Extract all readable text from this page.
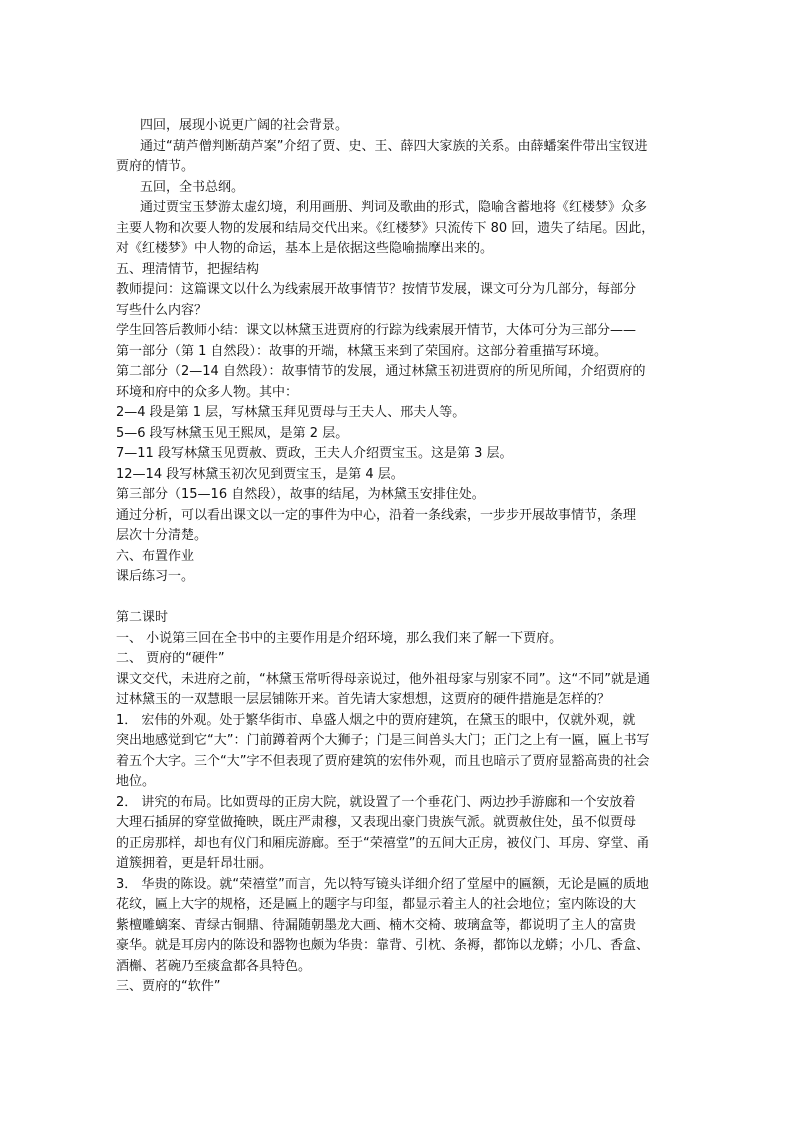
四回，展现小说更广阔的社会背景。
通过“葫芦僧判断葫芦案”介绍了贾、史、王、薛四大家族的关系。由薛蟠案件带出宝钗进
贾府的情节。
五回，全书总纲。
通过贾宝玉梦游太虚幻境，利用画册、判词及歌曲的形式，隐喻含蓄地将《红楼梦》众多
主要人物和次要人物的发展和结局交代出来。《红楼梦》只流传下 80 回，遗失了结尾。因此，
对《红楼梦》中人物的命运，基本上是依据这些隐喻揣摩出来的。
五、理清情节，把握结构
教师提问：这篇课文以什么为线索展开故事情节？按情节发展，课文可分为几部分，每部分
写些什么内容？
学生回答后教师小结：课文以林黛玉进贾府的行踪为线索展开情节，大体可分为三部分——
第一部分（第 1 自然段）：故事的开端，林黛玉来到了荣国府。这部分着重描写环境。
第二部分（2—14 自然段）：故事情节的发展，通过林黛玉初进贾府的所见所闻，介绍贾府的
环境和府中的众多人物。其中：
2—4 段是第 1 层，写林黛玉拜见贾母与王夫人、邢夫人等。
5—6 段写林黛玉见王熙凤，是第 2 层。
7—11 段写林黛玉见贾赦、贾政，王夫人介绍贾宝玉。这是第 3 层。
12—14 段写林黛玉初次见到贾宝玉，是第 4 层。
第三部分（15—16 自然段），故事的结尾，为林黛玉安排住处。
通过分析，可以看出课文以一定的事件为中心，沿着一条线索，一步步开展故事情节，条理
层次十分清楚。
六、布置作业
课后练习一。
第二课时
一、 小说第三回在全书中的主要作用是介绍环境，那么我们来了解一下贾府。
二、 贾府的“硬件”
课文交代，未进府之前，“林黛玉常听得母亲说过，他外祖母家与别家不同”。这“不同”就是通
过林黛玉的一双慧眼一层层铺陈开来。首先请大家想想，这贾府的硬件措施是怎样的？
1． 宏伟的外观。处于繁华街市、阜盛人烟之中的贾府建筑，在黛玉的眼中，仅就外观，就
突出地感觉到它“大”：门前蹲着两个大狮子；门是三间兽头大门；正门之上有一匾，匾上书写
着五个大字。三个“大”字不但表现了贾府建筑的宏伟外观，而且也暗示了贾府显豁高贵的社会
地位。
2． 讲究的布局。比如贾母的正房大院，就设置了一个垂花门、两边抄手游廊和一个安放着
大理石插屏的穿堂做掩映，既庄严肃穆，又表现出豪门贵族气派。就贾赦住处，虽不似贾母
的正房那样，却也有仪门和厢庑游廊。至于“荣禧堂”的五间大正房，被仪门、耳房、穿堂、甬
道簇拥着，更是轩昂壮丽。
3． 华贵的陈设。就“荣禧堂”而言，先以特写镜头详细介绍了堂屋中的匾额，无论是匾的质地
花纹，匾上大字的规格，还是匾上的题字与印玺，都显示着主人的社会地位；室内陈设的大
紫檀雕螭案、青绿古铜鼎、待漏随朝墨龙大画、楠木交椅、玻璃盒等，都说明了主人的富贵
豪华。就是耳房内的陈设和器物也颇为华贵：靠背、引枕、条褥，都饰以龙蟒；小几、香盒、
酒槲、茗碗乃至痰盒都各具特色。
三、贾府的“软件”
